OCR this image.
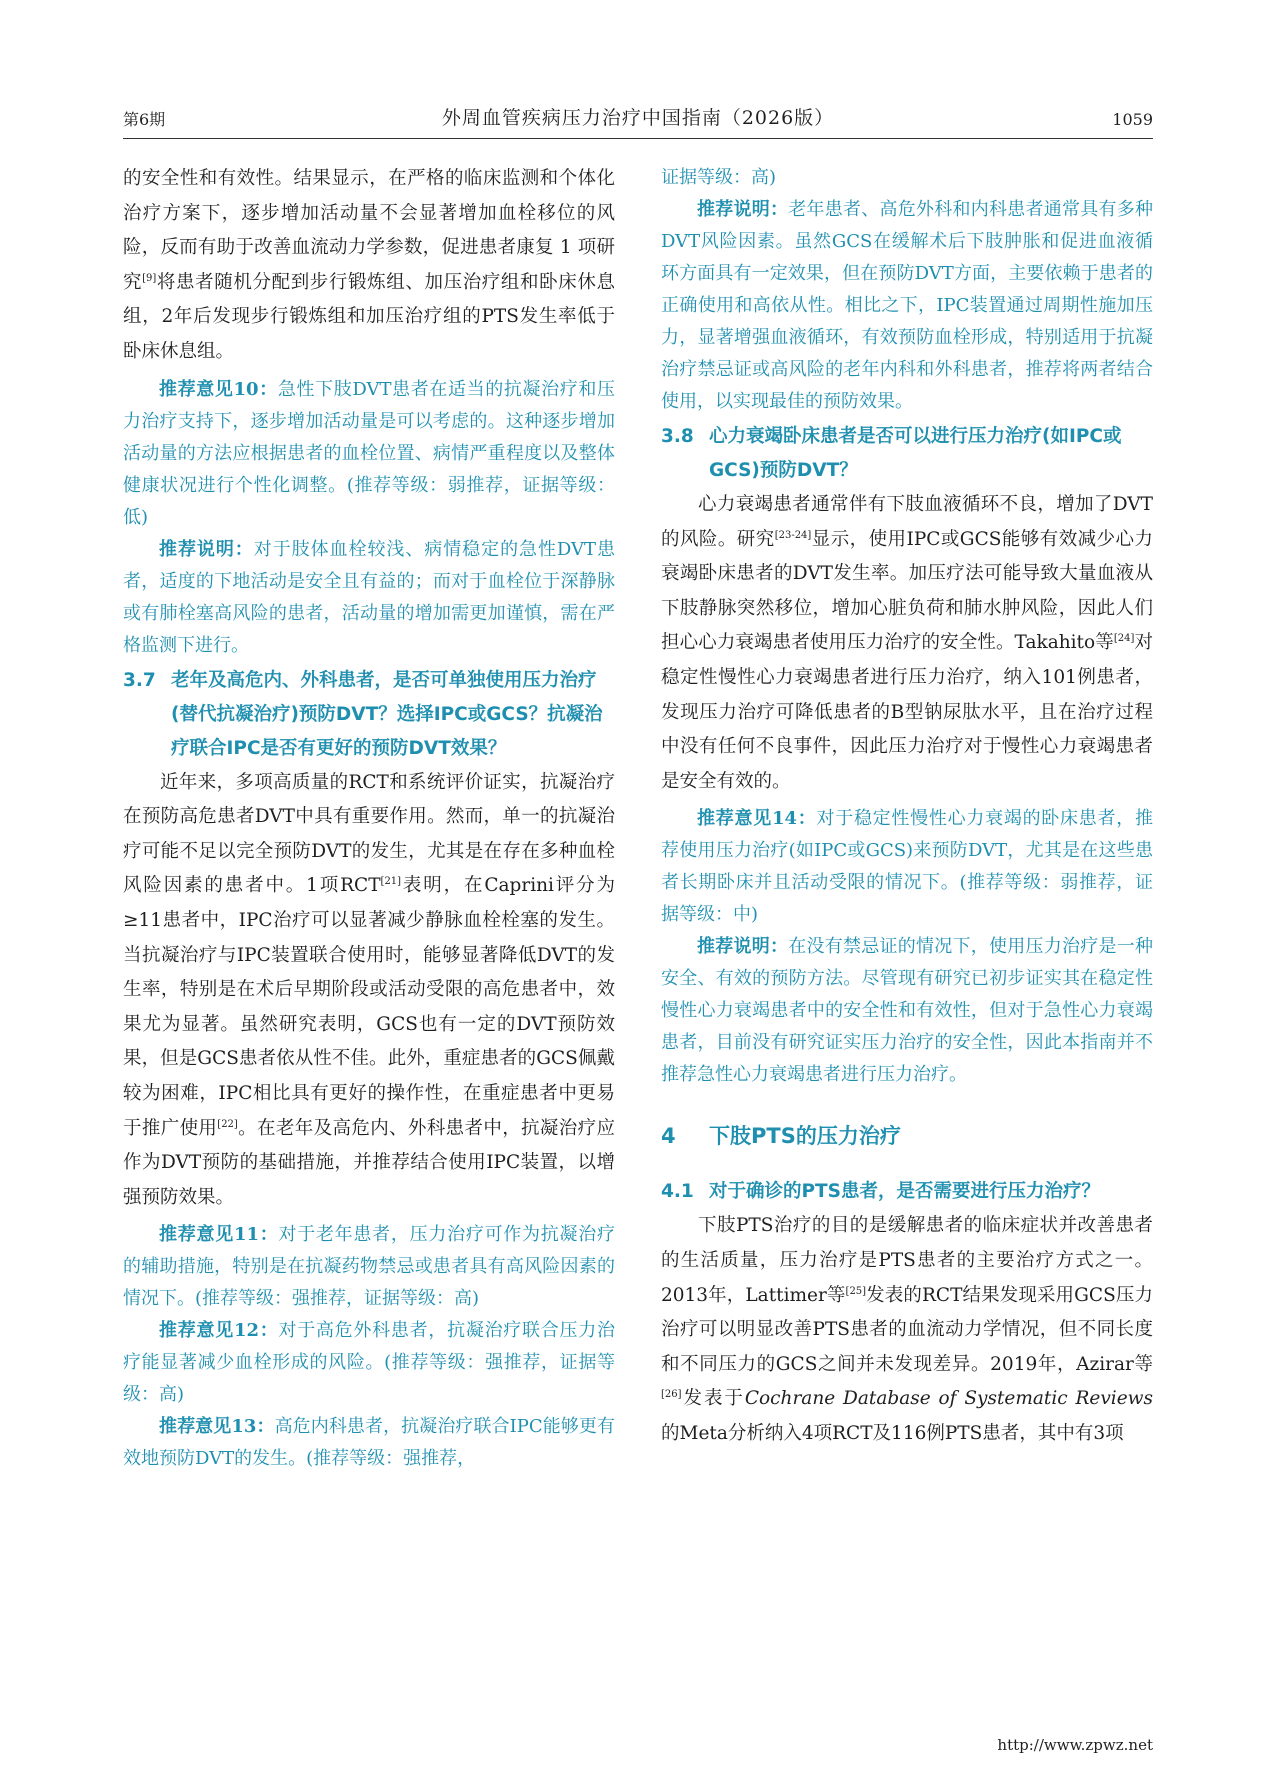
第6期	外周血管疾病压力治疗中国指南（2026版）	1059

的安全性和有效性。结果显示，在严格的临床监测和个体化治疗方案下，逐步增加活动量不会显著增加血栓移位的风险，反而有助于改善血流动力学参数，促进患者康复 1 项研究[9]将患者随机分配到步行锻炼组、加压治疗组和卧床休息组，2年后发现步行锻炼组和加压治疗组的PTS发生率低于卧床休息组。

推荐意见10：急性下肢DVT患者在适当的抗凝治疗和压力治疗支持下，逐步增加活动量是可以考虑的。这种逐步增加活动量的方法应根据患者的血栓位置、病情严重程度以及整体健康状况进行个性化调整。(推荐等级：弱推荐，证据等级：低)

推荐说明：对于肢体血栓较浅、病情稳定的急性DVT患者，适度的下地活动是安全且有益的；而对于血栓位于深静脉或有肺栓塞高风险的患者，活动量的增加需更加谨慎，需在严格监测下进行。

3.7 老年及高危内、外科患者，是否可单独使用压力治疗(替代抗凝治疗)预防DVT？选择IPC或GCS？抗凝治疗联合IPC是否有更好的预防DVT效果？

近年来，多项高质量的RCT和系统评价证实，抗凝治疗在预防高危患者DVT中具有重要作用。然而，单一的抗凝治疗可能不足以完全预防DVT的发生，尤其是在存在多种血栓风险因素的患者中。1项RCT[21]表明，在Caprini评分为≥11患者中，IPC治疗可以显著减少静脉血栓栓塞的发生。当抗凝治疗与IPC装置联合使用时，能够显著降低DVT的发生率，特别是在术后早期阶段或活动受限的高危患者中，效果尤为显著。虽然研究表明，GCS也有一定的DVT预防效果，但是GCS患者依从性不佳。此外，重症患者的GCS佩戴较为困难，IPC相比具有更好的操作性，在重症患者中更易于推广使用[22]。在老年及高危内、外科患者中，抗凝治疗应作为DVT预防的基础措施，并推荐结合使用IPC装置，以增强预防效果。

推荐意见11：对于老年患者，压力治疗可作为抗凝治疗的辅助措施，特别是在抗凝药物禁忌或患者具有高风险因素的情况下。(推荐等级：强推荐，证据等级：高)

推荐意见12：对于高危外科患者，抗凝治疗联合压力治疗能显著减少血栓形成的风险。(推荐等级：强推荐，证据等级：高)

推荐意见13：高危内科患者，抗凝治疗联合IPC能够更有效地预防DVT的发生。(推荐等级：强推荐，

证据等级：高)

推荐说明：老年患者、高危外科和内科患者通常具有多种DVT风险因素。虽然GCS在缓解术后下肢肿胀和促进血液循环方面具有一定效果，但在预防DVT方面，主要依赖于患者的正确使用和高依从性。相比之下，IPC装置通过周期性施加压力，显著增强血液循环，有效预防血栓形成，特别适用于抗凝治疗禁忌证或高风险的老年内科和外科患者，推荐将两者结合使用，以实现最佳的预防效果。

3.8 心力衰竭卧床患者是否可以进行压力治疗(如IPC或GCS)预防DVT？

心力衰竭患者通常伴有下肢血液循环不良，增加了DVT的风险。研究[23-24]显示，使用IPC或GCS能够有效减少心力衰竭卧床患者的DVT发生率。加压疗法可能导致大量血液从下肢静脉突然移位，增加心脏负荷和肺水肿风险，因此人们担心心力衰竭患者使用压力治疗的安全性。Takahito等[24]对稳定性慢性心力衰竭患者进行压力治疗，纳入101例患者，发现压力治疗可降低患者的B型钠尿肽水平，且在治疗过程中没有任何不良事件，因此压力治疗对于慢性心力衰竭患者是安全有效的。

推荐意见14：对于稳定性慢性心力衰竭的卧床患者，推荐使用压力治疗(如IPC或GCS)来预防DVT，尤其是在这些患者长期卧床并且活动受限的情况下。(推荐等级：弱推荐，证据等级：中)

推荐说明：在没有禁忌证的情况下，使用压力治疗是一种安全、有效的预防方法。尽管现有研究已初步证实其在稳定性慢性心力衰竭患者中的安全性和有效性，但对于急性心力衰竭患者，目前没有研究证实压力治疗的安全性，因此本指南并不推荐急性心力衰竭患者进行压力治疗。

4 下肢PTS的压力治疗

4.1 对于确诊的PTS患者，是否需要进行压力治疗？

下肢PTS治疗的目的是缓解患者的临床症状并改善患者的生活质量，压力治疗是PTS患者的主要治疗方式之一。2013年，Lattimer等[25]发表的RCT结果发现采用GCS压力治疗可以明显改善PTS患者的血流动力学情况，但不同长度和不同压力的GCS之间并未发现差异。2019年，Azirar等[26]发表于Cochrane Database of Systematic Reviews的Meta分析纳入4项RCT及116例PTS患者，其中有3项

http://www.zpwz.net
